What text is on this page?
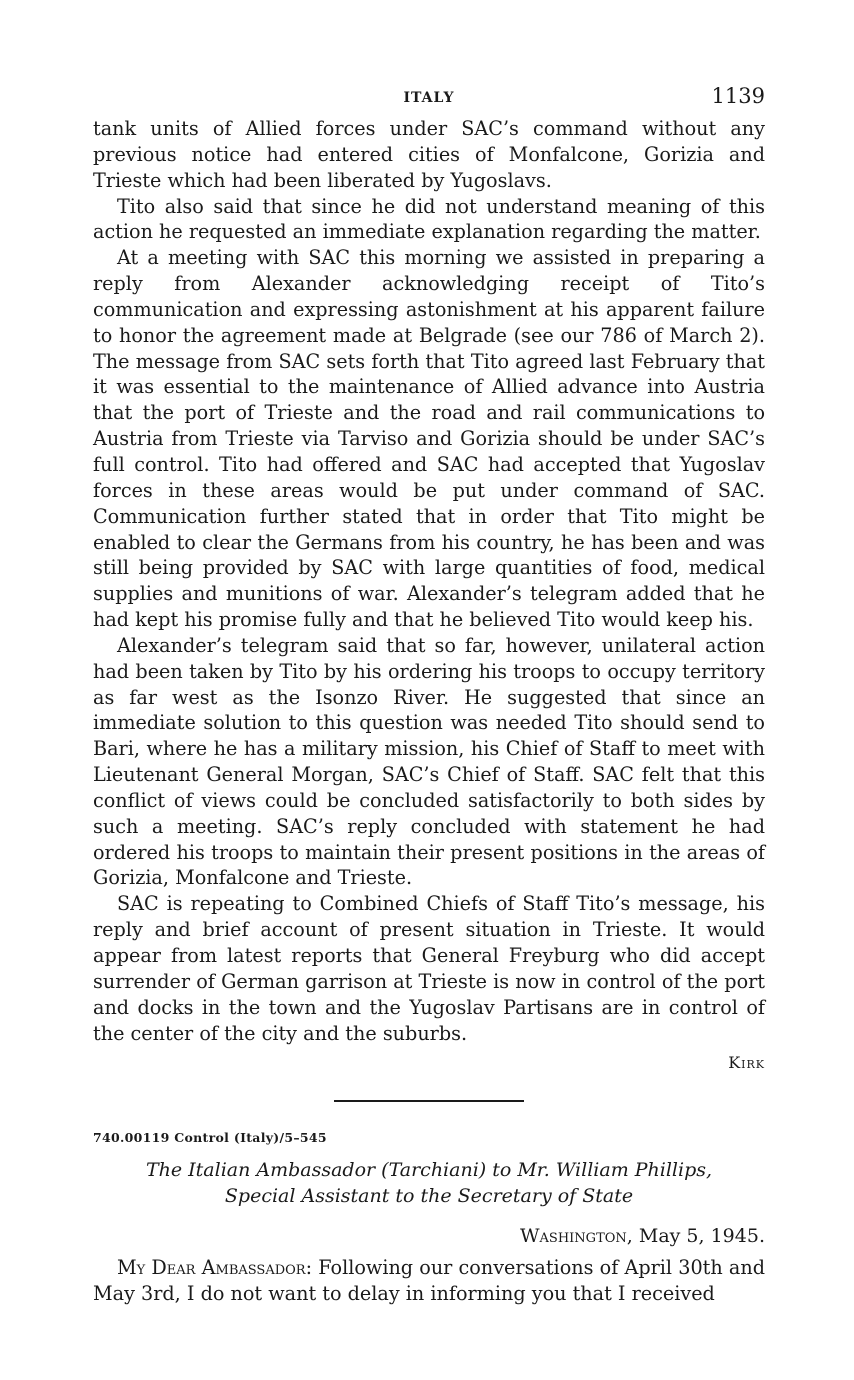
ITALY	1139

tank units of Allied forces under SAC’s command without any previous notice had entered cities of Monfalcone, Gorizia and Trieste which had been liberated by Yugoslavs.

Tito also said that since he did not understand meaning of this action he requested an immediate explanation regarding the matter.

At a meeting with SAC this morning we assisted in preparing a reply from Alexander acknowledging receipt of Tito’s communication and expressing astonishment at his apparent failure to honor the agreement made at Belgrade (see our 786 of March 2). The message from SAC sets forth that Tito agreed last February that it was essential to the maintenance of Allied advance into Austria that the port of Trieste and the road and rail communications to Austria from Trieste via Tarviso and Gorizia should be under SAC’s full control. Tito had offered and SAC had accepted that Yugoslav forces in these areas would be put under command of SAC. Communication further stated that in order that Tito might be enabled to clear the Germans from his country, he has been and was still being provided by SAC with large quantities of food, medical supplies and munitions of war. Alexander’s telegram added that he had kept his promise fully and that he believed Tito would keep his.

Alexander’s telegram said that so far, however, unilateral action had been taken by Tito by his ordering his troops to occupy territory as far west as the Isonzo River. He suggested that since an immediate solution to this question was needed Tito should send to Bari, where he has a military mission, his Chief of Staff to meet with Lieutenant General Morgan, SAC’s Chief of Staff. SAC felt that this conflict of views could be concluded satisfactorily to both sides by such a meeting. SAC’s reply concluded with statement he had ordered his troops to maintain their present positions in the areas of Gorizia, Monfalcone and Trieste.

SAC is repeating to Combined Chiefs of Staff Tito’s message, his reply and brief account of present situation in Trieste. It would appear from latest reports that General Freyburg who did accept surrender of German garrison at Trieste is now in control of the port and docks in the town and the Yugoslav Partisans are in control of the center of the city and the suburbs.

Kirk
740.00119 Control (Italy)/5–545
The Italian Ambassador (Tarchiani) to Mr. William Phillips,
Special Assistant to the Secretary of State
Washington, May 5, 1945.

My Dear Ambassador: Following our conversations of April 30th and May 3rd, I do not want to delay in informing you that I received
